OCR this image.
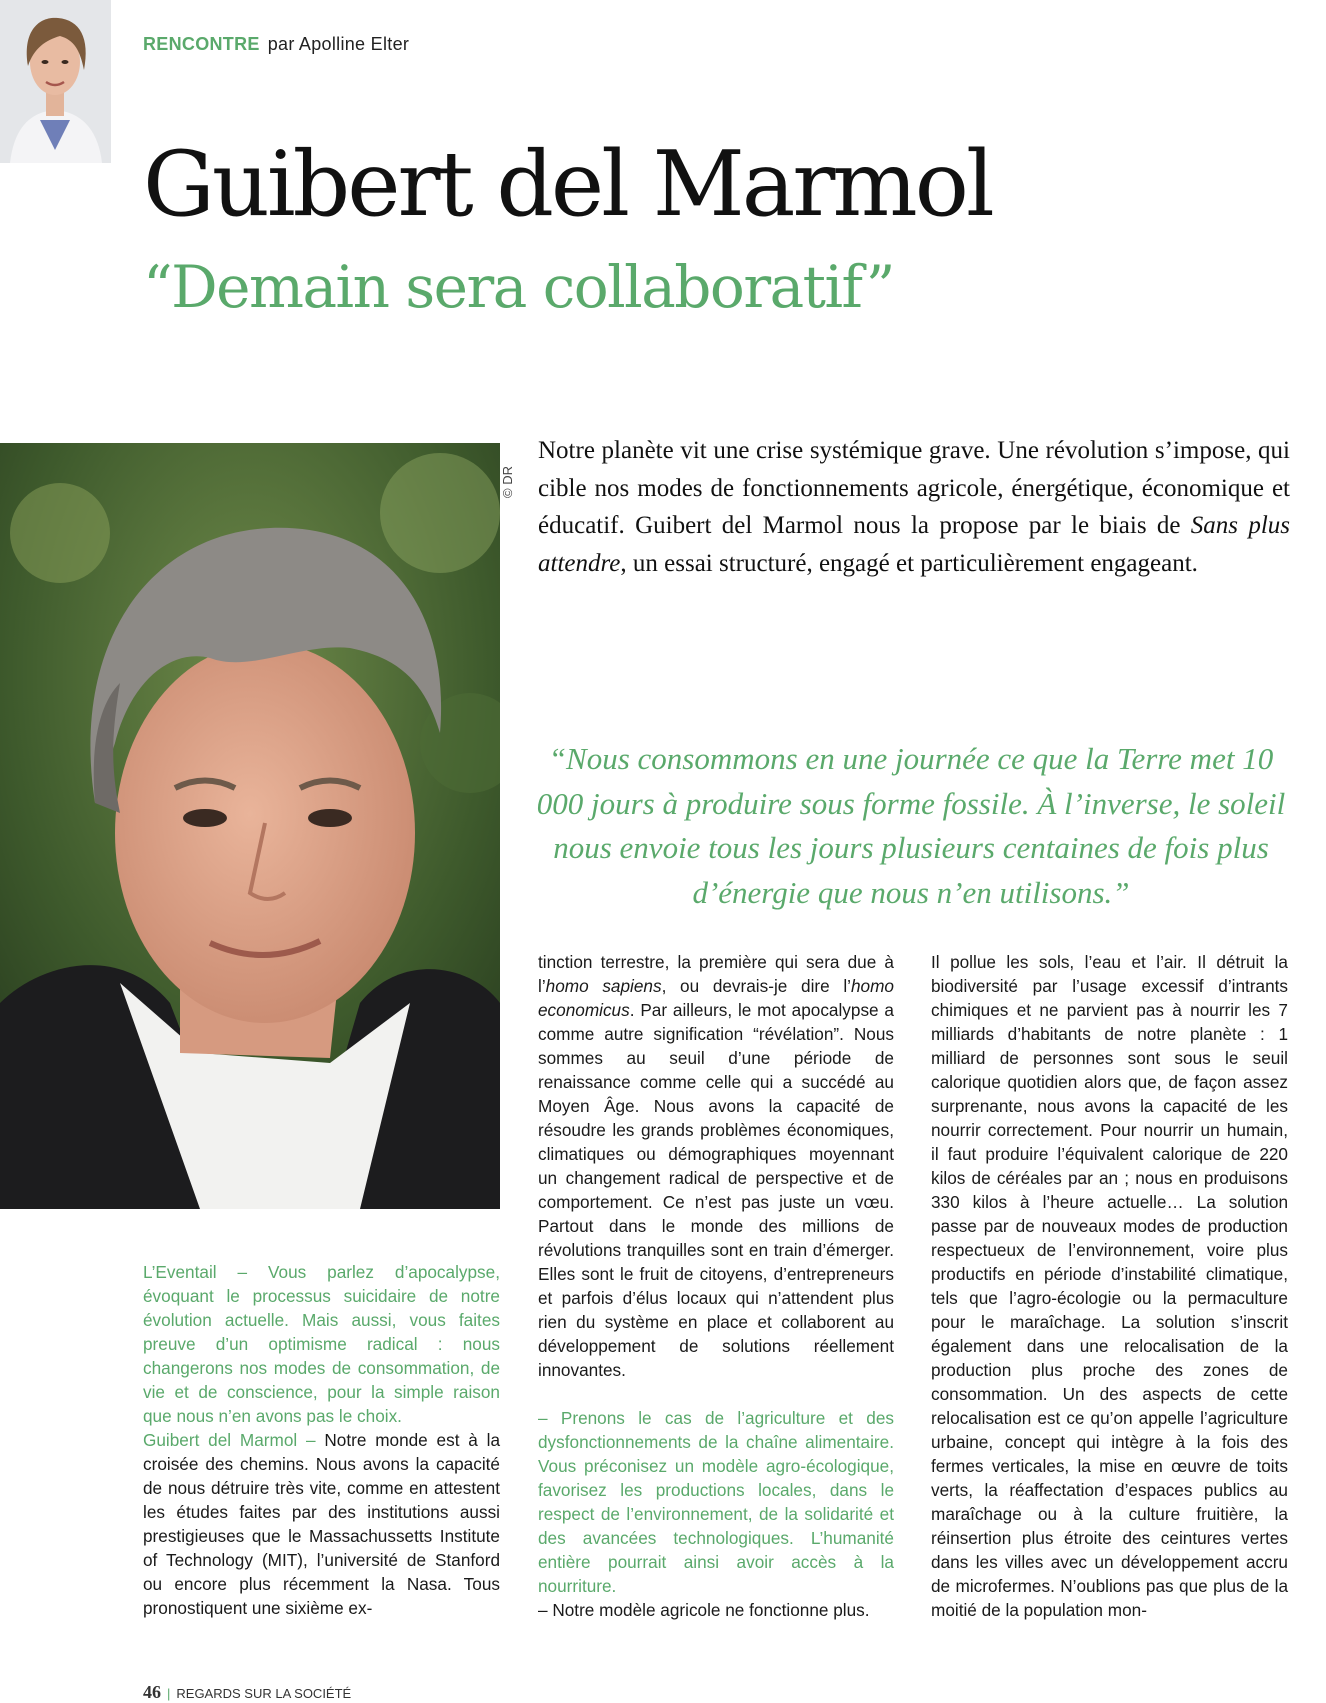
RENCONTRE par Apolline Elter
Guibert del Marmol
“Demain sera collaboratif”
© DR
Notre planète vit une crise systémique grave. Une révolution s’impose, qui cible nos modes de fonctionnements agricole, énergétique, économique et éducatif. Guibert del Marmol nous la propose par le biais de Sans plus attendre, un essai structuré, engagé et particulièrement engageant.
“Nous consommons en une journée ce que la Terre met 10 000 jours à produire sous forme fossile. À l’inverse, le soleil nous envoie tous les jours plusieurs centaines de fois plus d’énergie que nous n’en utilisons.”

L’Eventail – Vous parlez d’apocalypse, évoquant le processus suicidaire de notre évolution actuelle. Mais aussi, vous faites preuve d’un optimisme radical : nous changerons nos modes de consommation, de vie et de conscience, pour la simple raison que nous n’en avons pas le choix.

Guibert del Marmol – Notre monde est à la croisée des chemins. Nous avons la capacité de nous détruire très vite, comme en attestent les études faites par des institutions aussi prestigieuses que le Massachussetts Institute of Technology (MIT), l’université de Stanford ou encore plus récemment la Nasa. Tous pronostiquent une sixième ex-

tinction terrestre, la première qui sera due à l’homo sapiens, ou devrais-je dire l’homo economicus. Par ailleurs, le mot apocalypse a comme autre signification “révélation”. Nous sommes au seuil d’une période de renaissance comme celle qui a succédé au Moyen Âge. Nous avons la capacité de résoudre les grands problèmes économiques, climatiques ou démographiques moyennant un changement radical de perspective et de comportement. Ce n’est pas juste un vœu. Partout dans le monde des millions de révolutions tranquilles sont en train d’émerger. Elles sont le fruit de citoyens, d’entrepreneurs et parfois d’élus locaux qui n’attendent plus rien du système en place et collaborent au développement de solutions réellement innovantes.

– Prenons le cas de l’agriculture et des dysfonctionnements de la chaîne alimentaire. Vous préconisez un modèle agro-écologique, favorisez les productions locales, dans le respect de l’environnement, de la solidarité et des avancées technologiques. L’humanité entière pourrait ainsi avoir accès à la nourriture.

– Notre modèle agricole ne fonctionne plus.

Il pollue les sols, l’eau et l’air. Il détruit la biodiversité par l’usage excessif d’intrants chimiques et ne parvient pas à nourrir les 7 milliards d’habitants de notre planète : 1 milliard de personnes sont sous le seuil calorique quotidien alors que, de façon assez surprenante, nous avons la capacité de les nourrir correctement. Pour nourrir un humain, il faut produire l’équivalent calorique de 220 kilos de céréales par an ; nous en produisons 330 kilos à l’heure actuelle… La solution passe par de nouveaux modes de production respectueux de l’environnement, voire plus productifs en période d’instabilité climatique, tels que l’agro-écologie ou la permaculture pour le maraîchage. La solution s’inscrit également dans une relocalisation de la production plus proche des zones de consommation. Un des aspects de cette relocalisation est ce qu’on appelle l’agriculture urbaine, concept qui intègre à la fois des fermes verticales, la mise en œuvre de toits verts, la réaffectation d’espaces publics au maraîchage ou à la culture fruitière, la réinsertion plus étroite des ceintures vertes dans les villes avec un développement accru de microfermes. N’oublions pas que plus de la moitié de la population mon-

46 | REGARDS SUR LA SOCIÉTÉ
